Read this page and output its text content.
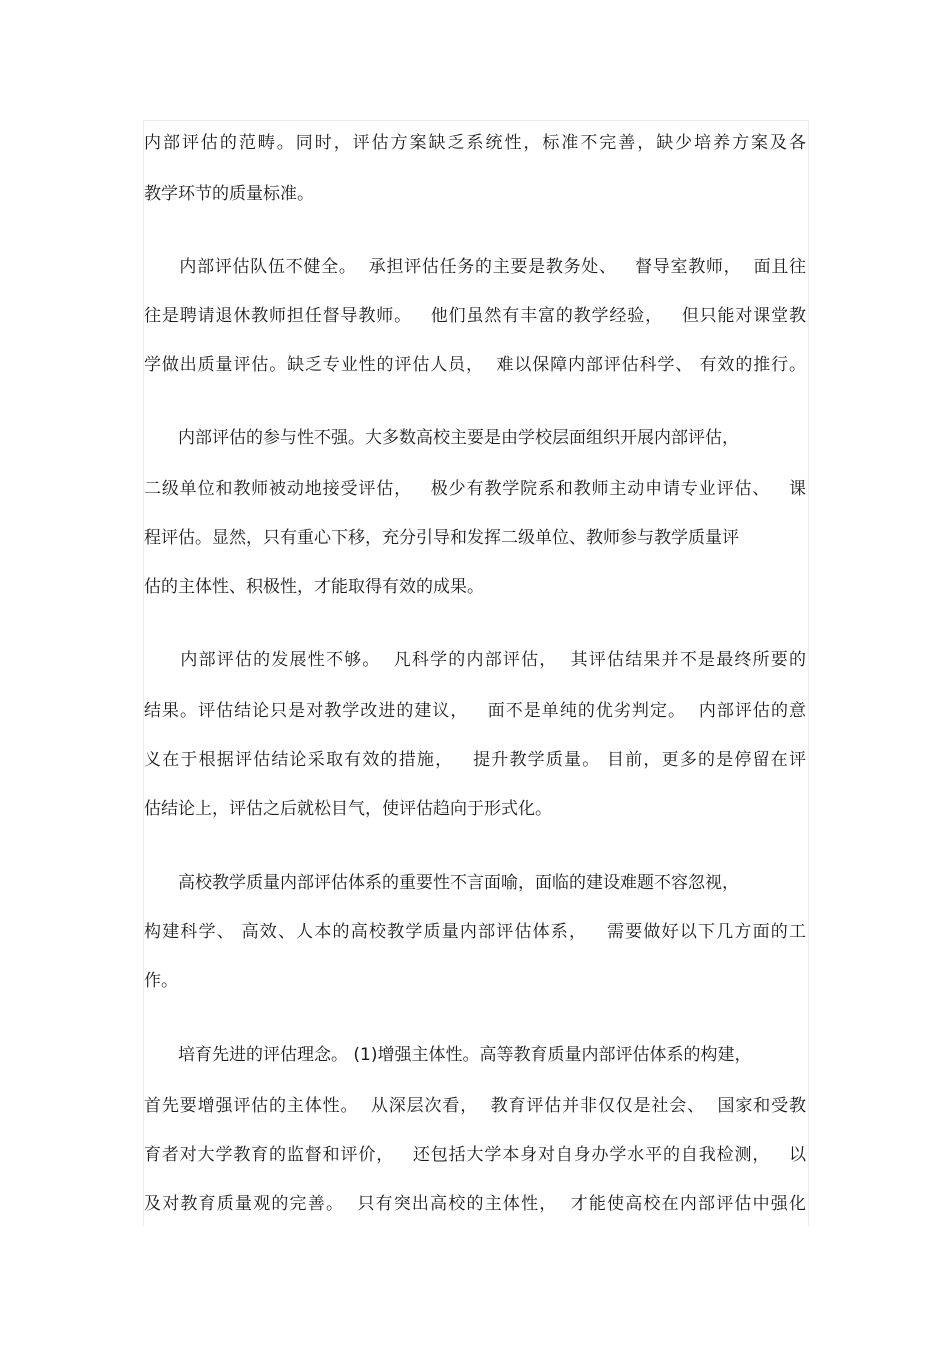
内部评估的范畴。同时，评估方案缺乏系统性，标准不完善，缺少培养方案及各
教学环节的质量标准。
　　内部评估队伍不健全。  承担评估任务的主要是教务处、   督导室教师，  面且往
往是聘请退休教师担任督导教师。   他们虽然有丰富的教学经验，   但只能对课堂教
学做出质量评估。缺乏专业性的评估人员，  难以保障内部评估科学、 有效的推行。
　　内部评估的参与性不强。大多数高校主要是由学校层面组织开展内部评估，
二级单位和教师被动地接受评估，   极少有教学院系和教师主动申请专业评估、   课
程评估。显然，只有重心下移，充分引导和发挥二级单位、教师参与教学质量评
估的主体性、积极性，才能取得有效的成果。
　　内部评估的发展性不够。  凡科学的内部评估，  其评估结果并不是最终所要的
结果。评估结论只是对教学改进的建议，   面不是单纯的优劣判定。  内部评估的意
义在于根据评估结论采取有效的措施，   提升教学质量。 目前，更多的是停留在评
估结论上，评估之后就松目气，使评估趋向于形式化。
　　高校教学质量内部评估体系的重要性不言面喻，面临的建设难题不容忽视，
构建科学、 高效、人本的高校教学质量内部评估体系，   需要做好以下几方面的工
作。
　　培育先进的评估理念。 (1)增强主体性。高等教育质量内部评估体系的构建，
首先要增强评估的主体性。  从深层次看，  教育评估并非仅仅是社会、  国家和受教
育者对大学教育的监督和评价，   还包括大学本身对自身办学水平的自我检测，   以
及对教育质量观的完善。  只有突出高校的主体性，  才能使高校在内部评估中强化
